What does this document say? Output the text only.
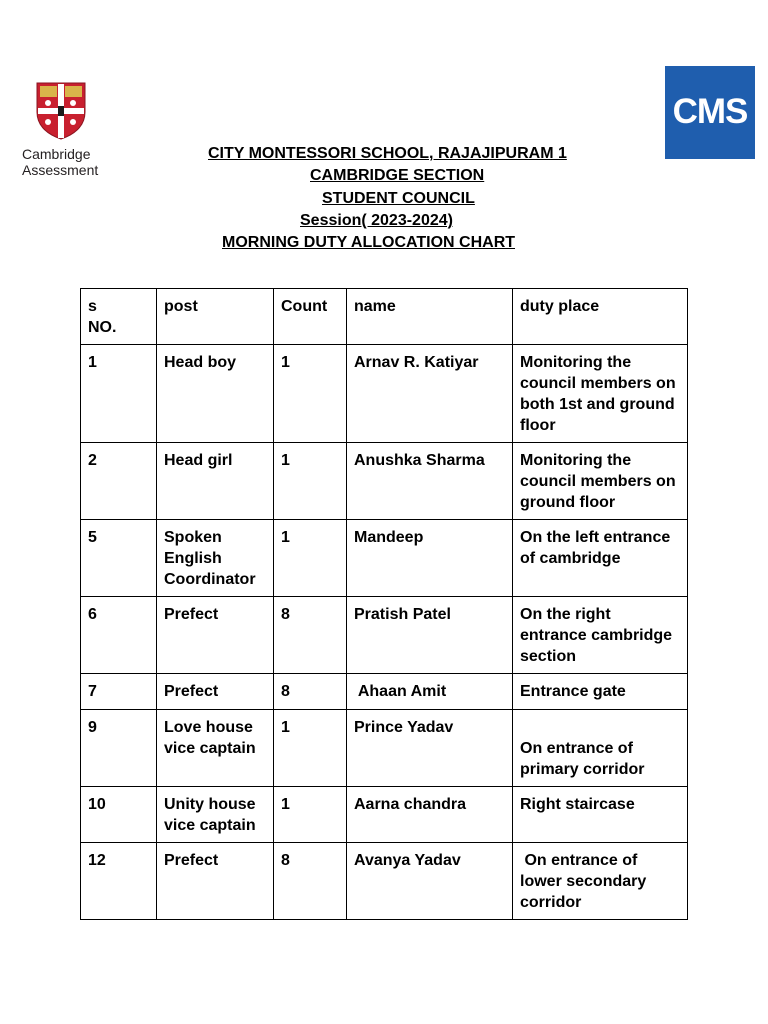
Cambridge
Assessment
CMS
CITY MONTESSORI SCHOOL, RAJAJIPURAM 1
CAMBRIDGE SECTION
STUDENT COUNCIL
Session( 2023-2024)
MORNING DUTY ALLOCATION CHART
s
NO.	post	Count	name	duty place
1	Head boy	1	Arnav R. Katiyar	Monitoring the council members on both 1st and ground floor
2	Head girl	1	Anushka Sharma	Monitoring the council members on ground floor
5	Spoken English Coordinator	1	Mandeep	On the left entrance of cambridge
6	Prefect	8	Pratish Patel	On the right entrance cambridge section
7	Prefect	8	Ahaan Amit	Entrance gate
9	Love house vice captain	1	Prince Yadav	On entrance of primary corridor
10	Unity house vice captain	1	Aarna chandra	Right staircase
12	Prefect	8	Avanya Yadav	On entrance of lower secondary corridor
